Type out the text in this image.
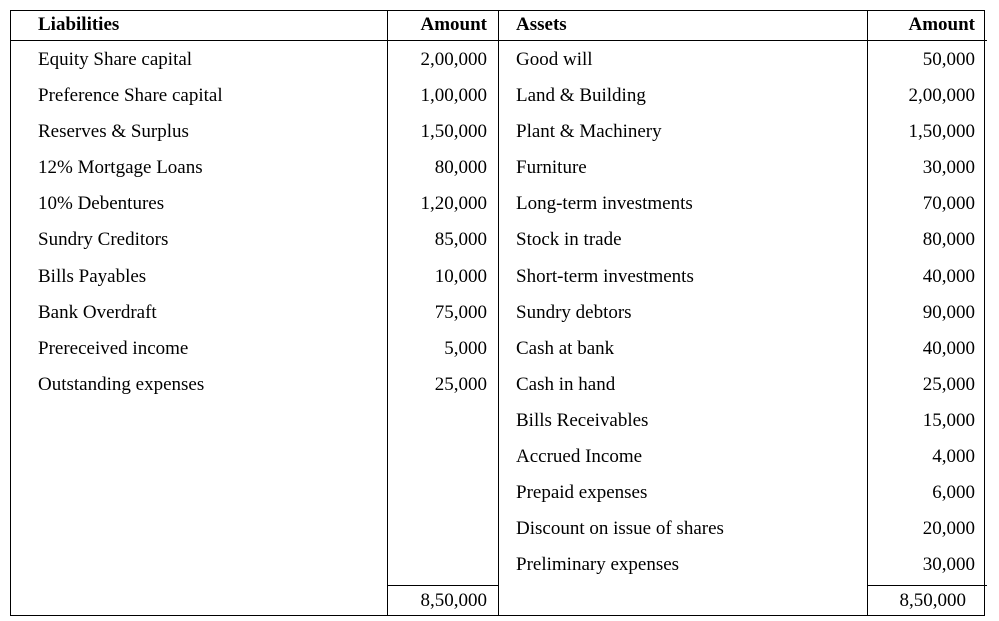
Liabilities
Equity Share capital
Preference Share capital
Reserves & Surplus
12% Mortgage Loans
10% Debentures
Sundry Creditors
Bills Payables
Bank Overdraft
Prereceived income
Outstanding expenses
Amount
2,00,000
1,00,000
1,50,000
80,000
1,20,000
85,000
10,000
75,000
5,000
25,000
8,50,000
Assets
Good will
Land & Building
Plant & Machinery
Furniture
Long-term investments
Stock in trade
Short-term investments
Sundry debtors
Cash at bank
Cash in hand
Bills Receivables
Accrued Income
Prepaid expenses
Discount on issue of shares
Preliminary expenses
Amount
50,000
2,00,000
1,50,000
30,000
70,000
80,000
40,000
90,000
40,000
25,000
15,000
4,000
6,000
20,000
30,000
8,50,000
